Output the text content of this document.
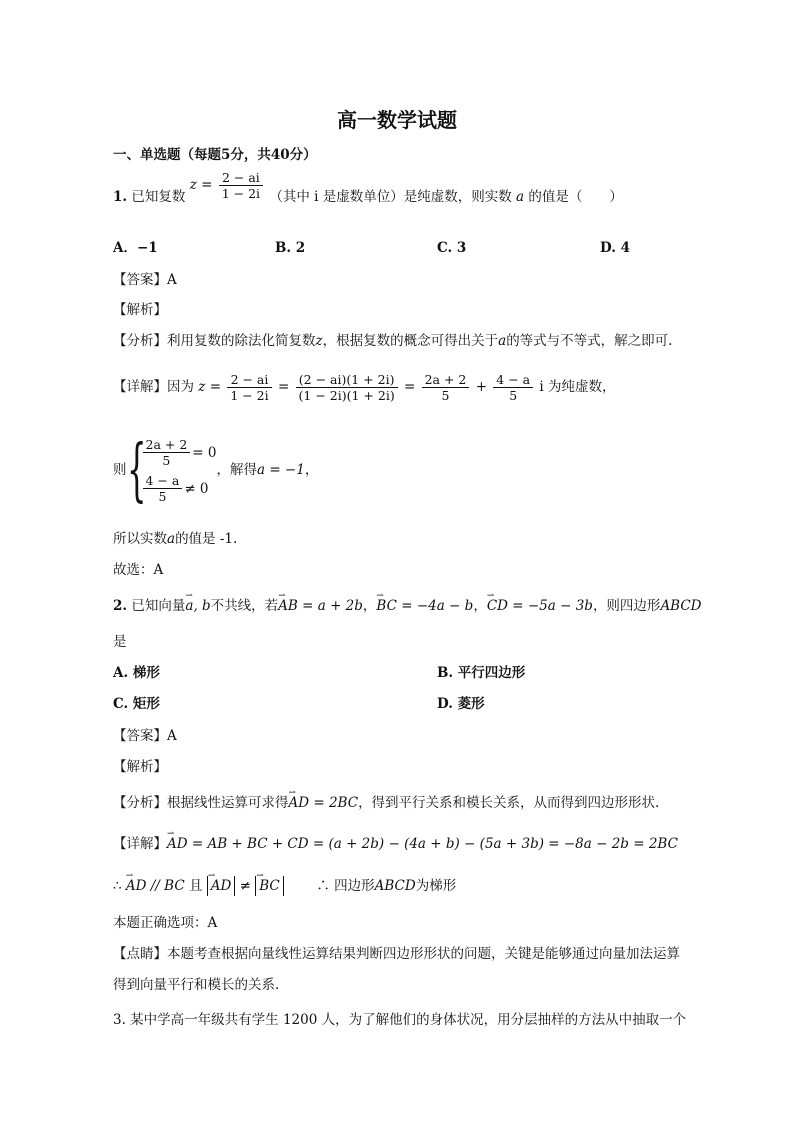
高一数学试题
一、单选题（每题5分，共40分）
1. 已知复数 $z = \frac{2 - ai}{1 - 2i}$ （其中 i 是虚数单位）是纯虚数，则实数 a 的值是（　　）
A．−1	B. 2	C. 3	D. 4
【答案】A
【解析】
【分析】利用复数的除法化简复数z，根据复数的概念可得出关于a的等式与不等式，解之即可.
【详解】因为 $z = \frac{2 - ai}{1 - 2i} = \frac{(2 - ai)(1 + 2i)}{(1 - 2i)(1 + 2i)} = \frac{2a + 2}{5} + \frac{4 - a}{5}$ i 为纯虚数，
则{
$\frac{2a + 2}{5} = 0$
$\frac{4 - a}{5} \ne 0$
，解得a = −1，
所以实数a的值是 -1.
故选：A
2. 已知向量⇀ a, b不共线，若⇀ AB = a + 2b，⇀ BC = −4a − b，⇀ CD = −5a − 3b，则四边形ABCD
是
A. 梯形	B. 平行四边形
C. 矩形	D. 菱形
【答案】A
【解析】
【分析】根据线性运算可求得⇀ AD = 2BC，得到平行关系和模长关系，从而得到四边形形状.
【详解】⇀ AD = AB + BC + CD = (a + 2b) − (4a + b) − (5a + 3b) = −8a − 2b = 2BC
∴ ⇀ AD // BC 且 ⇀ AD ≠ ⇀ BC	∴ 四边形ABCD为梯形
本题正确选项：A
【点睛】本题考查根据向量线性运算结果判断四边形形状的问题，关键是能够通过向量加法运算
得到向量平行和模长的关系.
3. 某中学高一年级共有学生 1200 人，为了解他们的身体状况，用分层抽样的方法从中抽取一个
